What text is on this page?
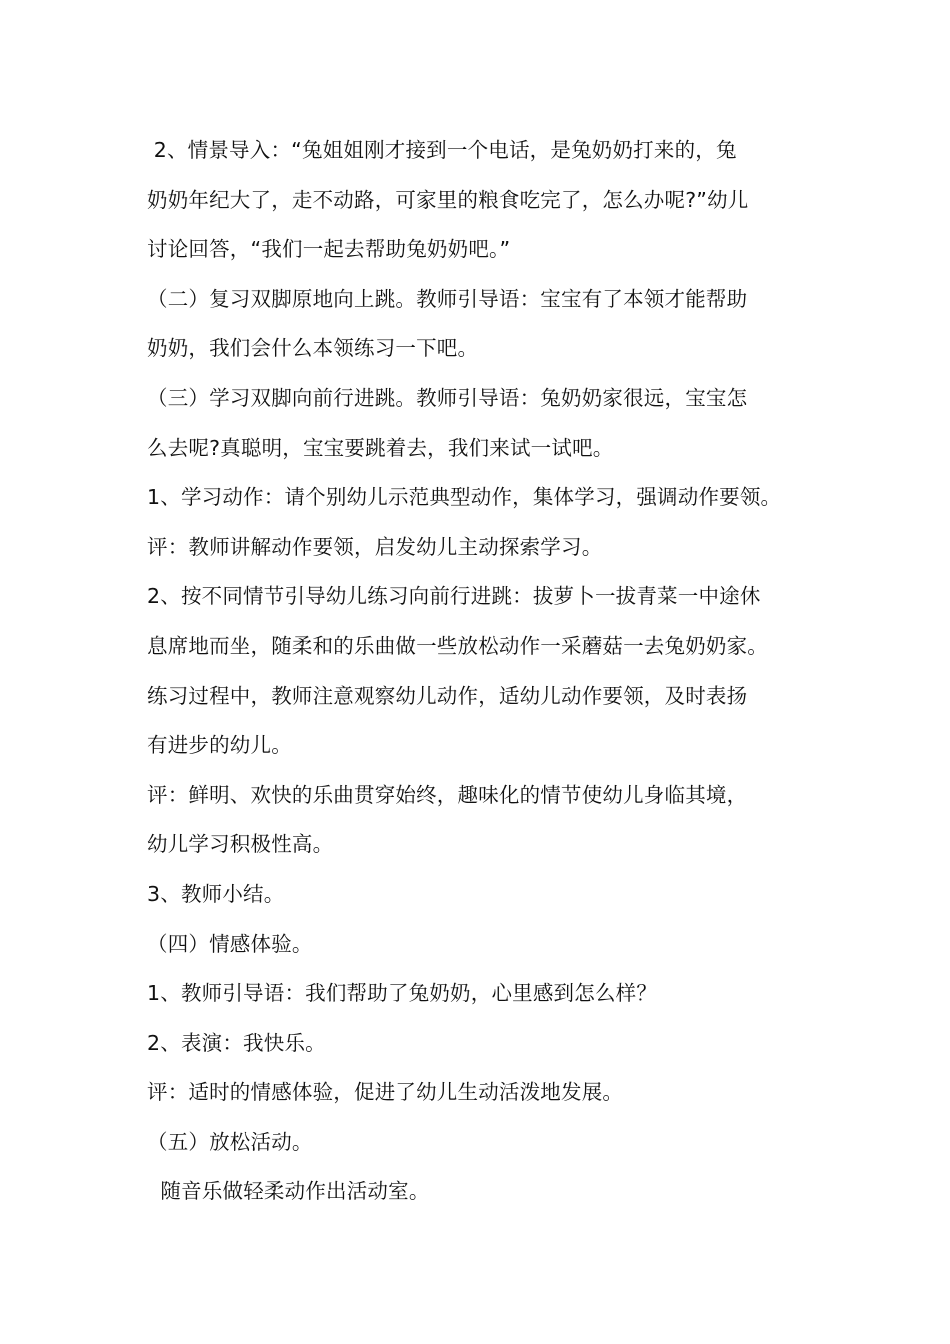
2、情景导入：“兔姐姐刚才接到一个电话，是兔奶奶打来的，兔
奶奶年纪大了，走不动路，可家里的粮食吃完了，怎么办呢?”幼儿
讨论回答，“我们一起去帮助兔奶奶吧。”
（二）复习双脚原地向上跳。教师引导语：宝宝有了本领才能帮助
奶奶，我们会什么本领练习一下吧。
（三）学习双脚向前行进跳。教师引导语：兔奶奶家很远，宝宝怎
么去呢?真聪明，宝宝要跳着去，我们来试一试吧。
1、学习动作：请个别幼儿示范典型动作，集体学习，强调动作要领。
评：教师讲解动作要领，启发幼儿主动探索学习。
2、按不同情节引导幼儿练习向前行进跳：拔萝卜一拔青菜一中途休
息席地而坐，随柔和的乐曲做一些放松动作一采蘑菇一去兔奶奶家。
练习过程中，教师注意观察幼儿动作，适幼儿动作要领，及时表扬
有进步的幼儿。
评：鲜明、欢快的乐曲贯穿始终，趣味化的情节使幼儿身临其境，
幼儿学习积极性高。
3、教师小结。
（四）情感体验。
1、教师引导语：我们帮助了兔奶奶，心里感到怎么样？
2、表演：我快乐。
评：适时的情感体验，促进了幼儿生动活泼地发展。
（五）放松活动。
随音乐做轻柔动作出活动室。
